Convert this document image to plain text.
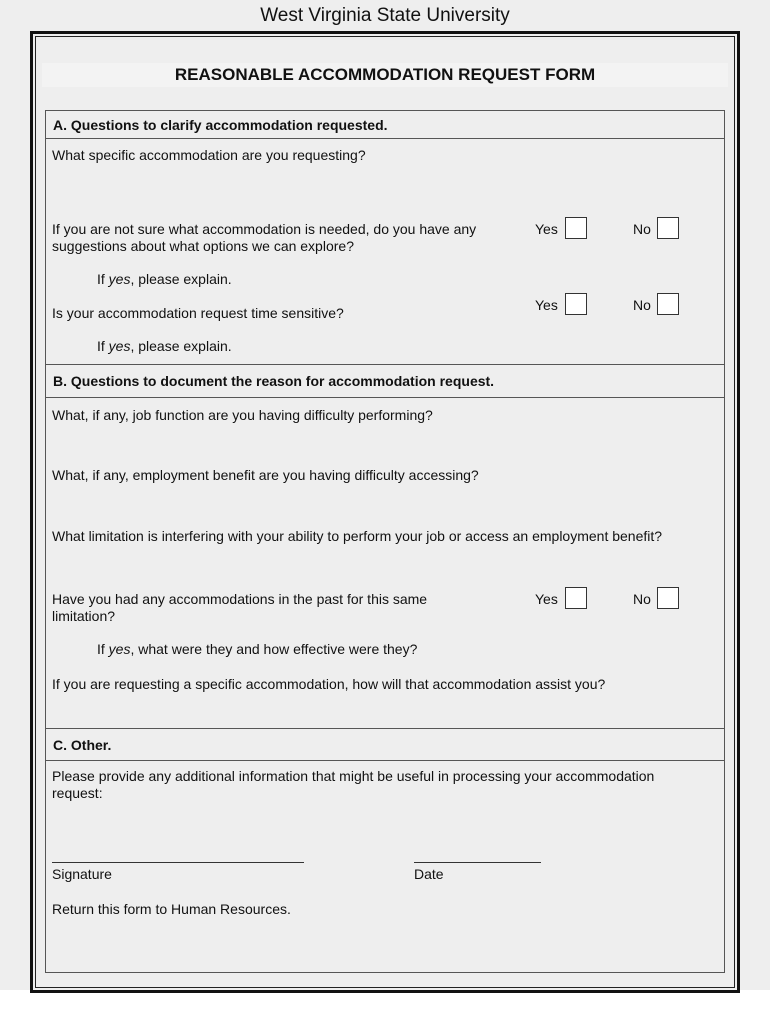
West Virginia State University
REASONABLE ACCOMMODATION REQUEST FORM
A. Questions to clarify accommodation requested.
What specific accommodation are you requesting?
If you are not sure what accommodation is needed, do you have any
suggestions about what options we can explore?
Yes	No
If yes, please explain.
Is your accommodation request time sensitive?	Yes	No
If yes, please explain.
B. Questions to document the reason for accommodation request.
What, if any, job function are you having difficulty performing?
What, if any, employment benefit are you having difficulty accessing?
What limitation is interfering with your ability to perform your job or access an employment benefit?
Have you had any accommodations in the past for this same
limitation?
Yes	No
If yes, what were they and how effective were they?
If you are requesting a specific accommodation, how will that accommodation assist you?
C. Other.
Please provide any additional information that might be useful in processing your accommodation
request:
Signature	Date
Return this form to Human Resources.
